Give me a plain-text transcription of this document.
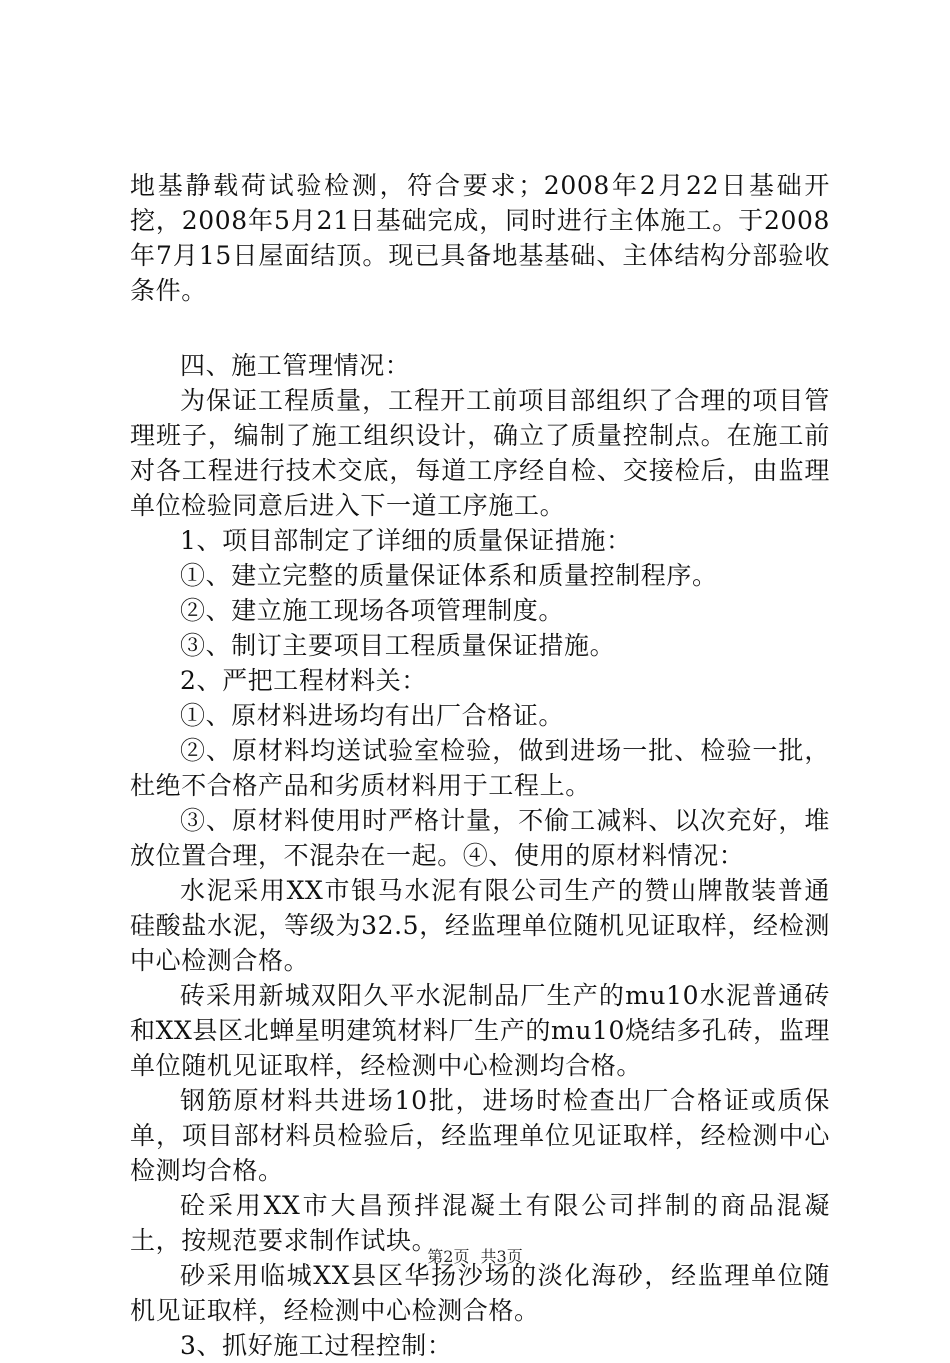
地基静载荷试验检测，符合要求；2008年2月22日基础开挖，2008年5月21日基础完成，同时进行主体施工。于2008年7月15日屋面结顶。现已具备地基基础、主体结构分部验收条件。

四、施工管理情况：

为保证工程质量，工程开工前项目部组织了合理的项目管理班子，编制了施工组织设计，确立了质量控制点。在施工前对各工程进行技术交底，每道工序经自检、交接检后，由监理单位检验同意后进入下一道工序施工。

1、项目部制定了详细的质量保证措施：

①、建立完整的质量保证体系和质量控制程序。

②、建立施工现场各项管理制度。

③、制订主要项目工程质量保证措施。

2、严把工程材料关：

①、原材料进场均有出厂合格证。

②、原材料均送试验室检验，做到进场一批、检验一批，杜绝不合格产品和劣质材料用于工程上。

③、原材料使用时严格计量，不偷工减料、以次充好，堆放位置合理，不混杂在一起。④、使用的原材料情况：

水泥采用XX市银马水泥有限公司生产的赞山牌散装普通硅酸盐水泥，等级为32.5，经监理单位随机见证取样，经检测中心检测合格。

砖采用新城双阳久平水泥制品厂生产的mu10水泥普通砖和XX县区北蝉星明建筑材料厂生产的mu10烧结多孔砖，监理单位随机见证取样，经检测中心检测均合格。

钢筋原材料共进场10批，进场时检查出厂合格证或质保单，项目部材料员检验后，经监理单位见证取样，经检测中心检测均合格。

砼采用XX市大昌预拌混凝土有限公司拌制的商品混凝土，按规范要求制作试块。

砂采用临城XX县区华扬沙场的淡化海砂，经监理单位随机见证取样，经检测中心检测合格。

3、抓好施工过程控制：

第2页 共3页
